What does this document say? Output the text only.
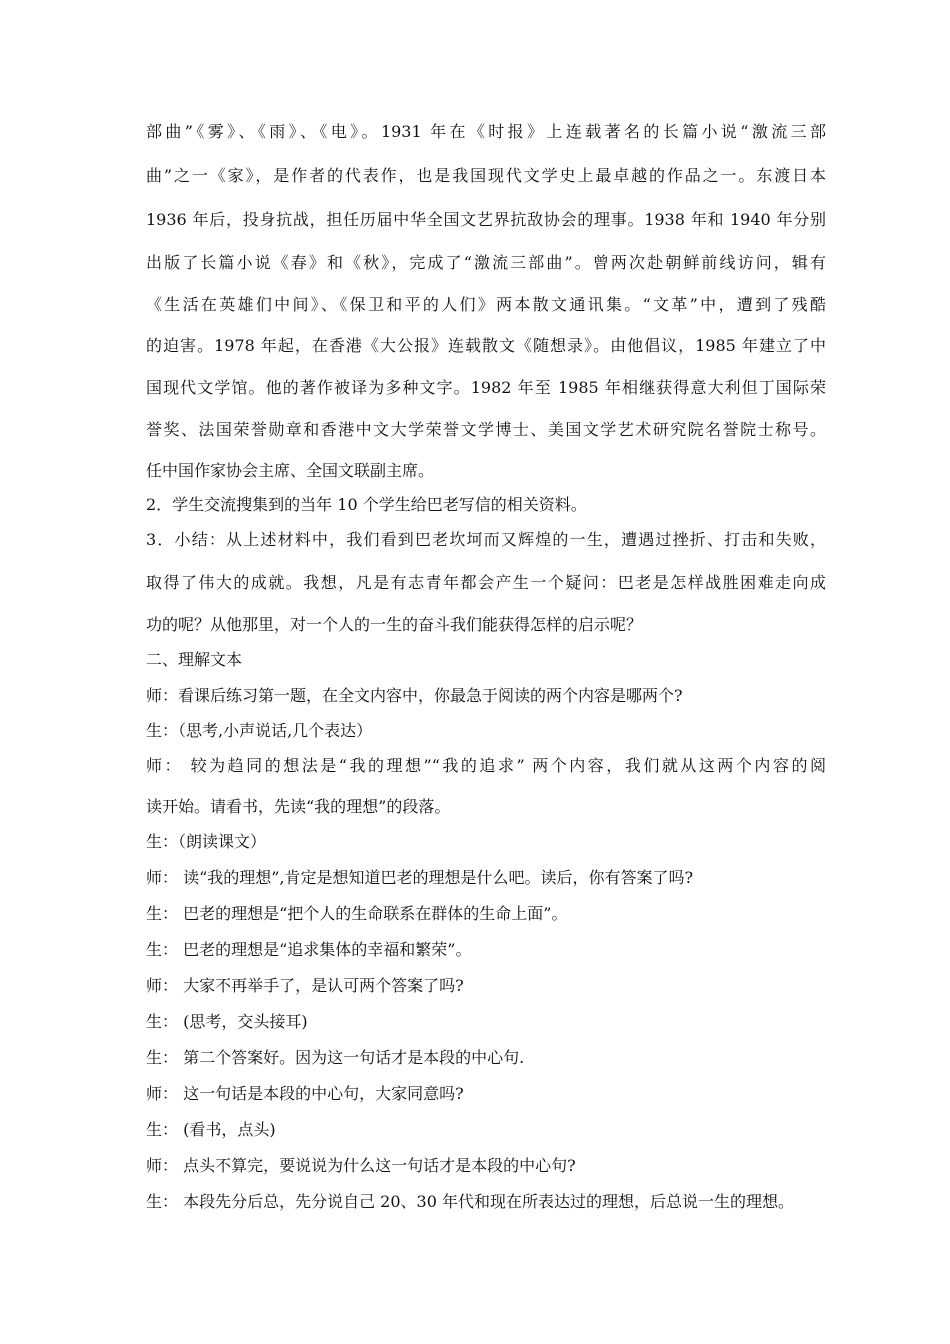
部曲”《雾》、《雨》、《电》。1931 年在《时报》上连载著名的长篇小说“激流三部
曲”之一《家》，是作者的代表作，也是我国现代文学史上最卓越的作品之一。东渡日本
1936 年后，投身抗战，担任历届中华全国文艺界抗敌协会的理事。1938 年和 1940 年分别
出版了长篇小说《春》和《秋》，完成了“激流三部曲”。曾两次赴朝鲜前线访问，辑有
《生活在英雄们中间》、《保卫和平的人们》两本散文通讯集。“文革”中，遭到了残酷
的迫害。1978 年起，在香港《大公报》连载散文《随想录》。由他倡议，1985 年建立了中
国现代文学馆。他的著作被译为多种文字。1982 年至 1985 年相继获得意大利但丁国际荣
誉奖、法国荣誉勋章和香港中文大学荣誉文学博士、美国文学艺术研究院名誉院士称号。
任中国作家协会主席、全国文联副主席。
2．学生交流搜集到的当年 10 个学生给巴老写信的相关资料。
3．小结：从上述材料中，我们看到巴老坎坷而又辉煌的一生，遭遇过挫折、打击和失败，
取得了伟大的成就。我想，凡是有志青年都会产生一个疑问：巴老是怎样战胜困难走向成
功的呢？从他那里，对一个人的一生的奋斗我们能获得怎样的启示呢？
二、理解文本
师：看课后练习第一题，在全文内容中，你最急于阅读的两个内容是哪两个?
生：（思考,小声说话,几个表达）
师： 较为趋同的想法是“我的理想”“我的追求” 两个内容，我们就从这两个内容的阅
读开始。请看书，先读“我的理想”的段落。
生：（朗读课文）
师： 读“我的理想”,肯定是想知道巴老的理想是什么吧。读后，你有答案了吗?
生： 巴老的理想是“把个人的生命联系在群体的生命上面”。
生： 巴老的理想是“追求集体的幸福和繁荣”。
师： 大家不再举手了，是认可两个答案了吗?
生： (思考，交头接耳)
生： 第二个答案好。因为这一句话才是本段的中心句.
师： 这一句话是本段的中心句，大家同意吗?
生： (看书，点头)
师： 点头不算完，要说说为什么这一句话才是本段的中心句?
生： 本段先分后总，先分说自己 20、30 年代和现在所表达过的理想，后总说一生的理想。
